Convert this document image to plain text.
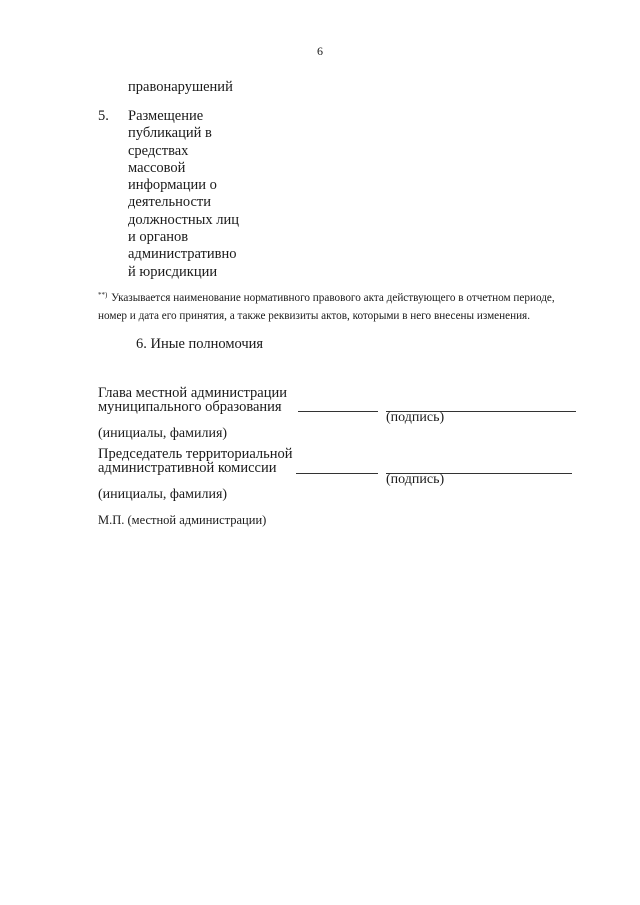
6
правонарушений
5. Размещение
публикаций в
средствах
массовой
информации о
деятельности
должностных лиц
и органов
административно
й юрисдикции
**) Указывается наименование нормативного правового акта действующего в отчетном периоде,
номер и дата его принятия, а также реквизиты актов, которыми в него внесены изменения.
6. Иные полномочия
Глава местной администрации
муниципального образования
(подпись)
(инициалы, фамилия)
Председатель территориальной
административной комиссии
(подпись)
(инициалы, фамилия)
М.П. (местной администрации)
